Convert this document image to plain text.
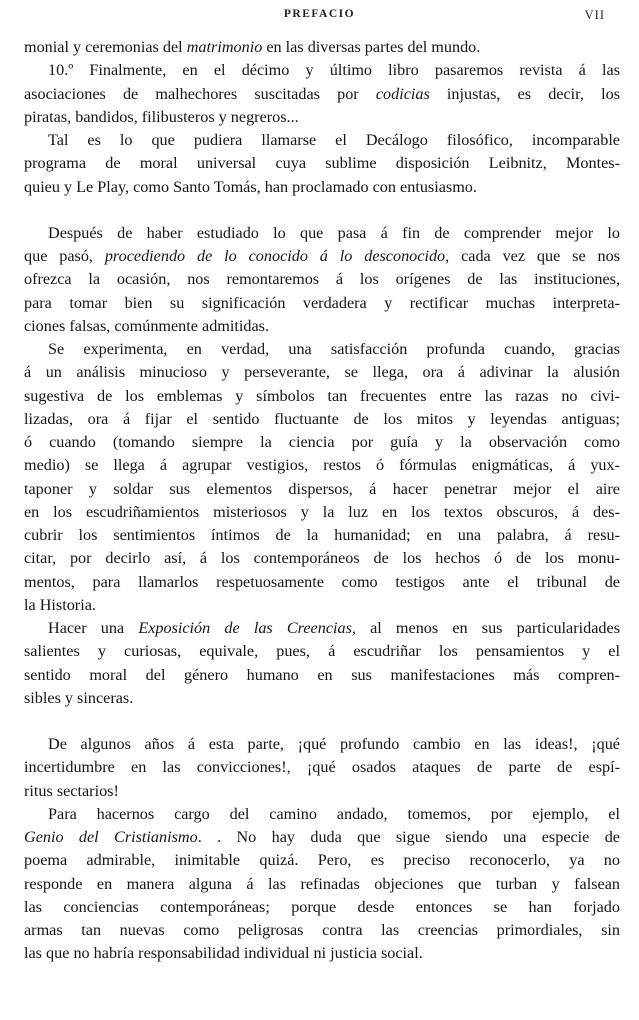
PREFACIO	VII
monial y ceremonias del matrimonio en las diversas partes del mundo.
10.º Finalmente, en el décimo y último libro pasaremos revista á las
asociaciones de malhechores suscitadas por codicias injustas, es decir, los
piratas, bandidos, filibusteros y negreros...
Tal es lo que pudiera llamarse el Decálogo filosófico, incomparable
programa de moral universal cuya sublime disposición Leibnitz, Montes-
quieu y Le Play, como Santo Tomás, han proclamado con entusiasmo.
Después de haber estudiado lo que pasa á fin de comprender mejor lo
que pasó, procediendo de lo conocido á lo desconocido, cada vez que se nos
ofrezca la ocasión, nos remontaremos á los orígenes de las instituciones,
para tomar bien su significación verdadera y rectificar muchas interpreta-
ciones falsas, comúnmente admitidas.
Se experimenta, en verdad, una satisfacción profunda cuando, gracias
á un análisis minucioso y perseverante, se llega, ora á adivinar la alusión
sugestiva de los emblemas y símbolos tan frecuentes entre las razas no civi-
lizadas, ora á fijar el sentido fluctuante de los mitos y leyendas antiguas;
ó cuando (tomando siempre la ciencia por guía y la observación como
medio) se llega á agrupar vestigios, restos ó fórmulas enigmáticas, á yux-
taponer y soldar sus elementos dispersos, á hacer penetrar mejor el aire
en los escudriñamientos misteriosos y la luz en los textos obscuros, á des-
cubrir los sentimientos íntimos de la humanidad; en una palabra, á resu-
citar, por decirlo así, á los contemporáneos de los hechos ó de los monu-
mentos, para llamarlos respetuosamente como testigos ante el tribunal de
la Historia.
Hacer una Exposición de las Creencias, al menos en sus particularidades
salientes y curiosas, equivale, pues, á escudriñar los pensamientos y el
sentido moral del género humano en sus manifestaciones más compren-
sibles y sinceras.
De algunos años á esta parte, ¡qué profundo cambio en las ideas!, ¡qué
incertidumbre en las convicciones!, ¡qué osados ataques de parte de espí-
ritus sectarios!
Para hacernos cargo del camino andado, tomemos, por ejemplo, el
Genio del Cristianismo. . No hay duda que sigue siendo una especie de
poema admirable, inimitable quizá. Pero, es preciso reconocerlo, ya no
responde en manera alguna á las refinadas objeciones que turban y falsean
las conciencias contemporáneas; porque desde entonces se han forjado
armas tan nuevas como peligrosas contra las creencias primordiales, sin
las que no habría responsabilidad individual ni justicia social.
